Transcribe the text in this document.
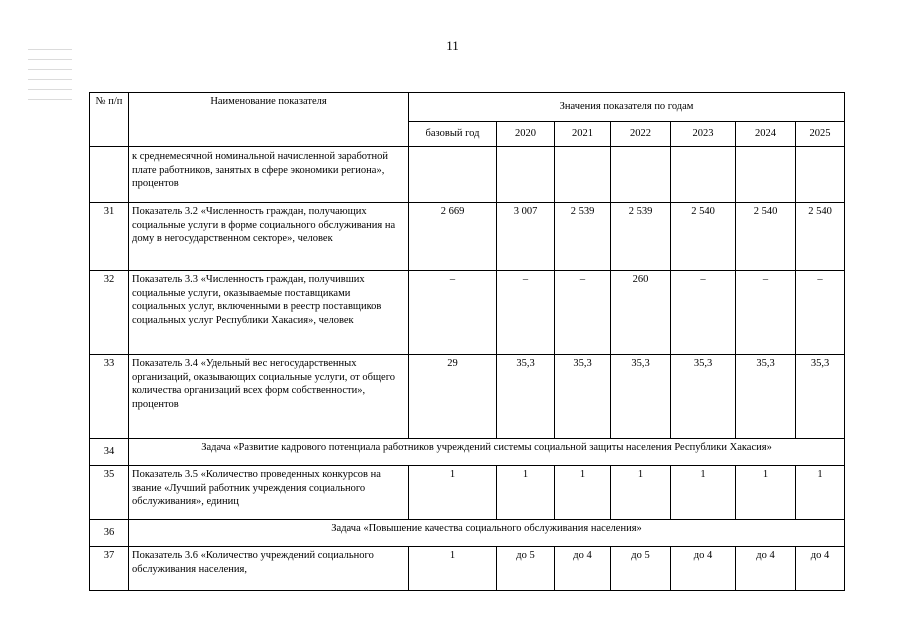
11
№ п/п	Наименование показателя	Значения показателя по годам						
		базовый год	2020	2021	2022	2023	2024	2025
	к среднемесячной номинальной начисленной заработной плате работников, занятых в сфере экономики региона», процентов							
31	Показатель 3.2 «Численность граждан, получающих социальные услуги в форме социального обслуживания на дому в негосударственном секторе», человек	2 669	3 007	2 539	2 539	2 540	2 540	2 540
32	Показатель 3.3 «Численность граждан, получивших социальные услуги, оказываемые поставщиками социальных услуг, включенными в реестр поставщиков социальных услуг Республики Хакасия», человек	–	–	–	260	–	–	–
33	Показатель 3.4 «Удельный вес негосударственных организаций, оказывающих социальные услуги, от общего количества организаций всех форм собственности», процентов	29	35,3	35,3	35,3	35,3	35,3	35,3
34	Задача «Развитие кадрового потенциала работников учреждений системы социальной защиты населения Республики Хакасия»							
35	Показатель 3.5 «Количество проведенных конкурсов на звание «Лучший работник учреждения социального обслуживания», единиц	1	1	1	1	1	1	1
36	Задача «Повышение качества социального обслуживания населения»							
37	Показатель 3.6 «Количество учреждений социального обслуживания населения,	1	до 5	до 4	до 5	до 4	до 4	до 4
